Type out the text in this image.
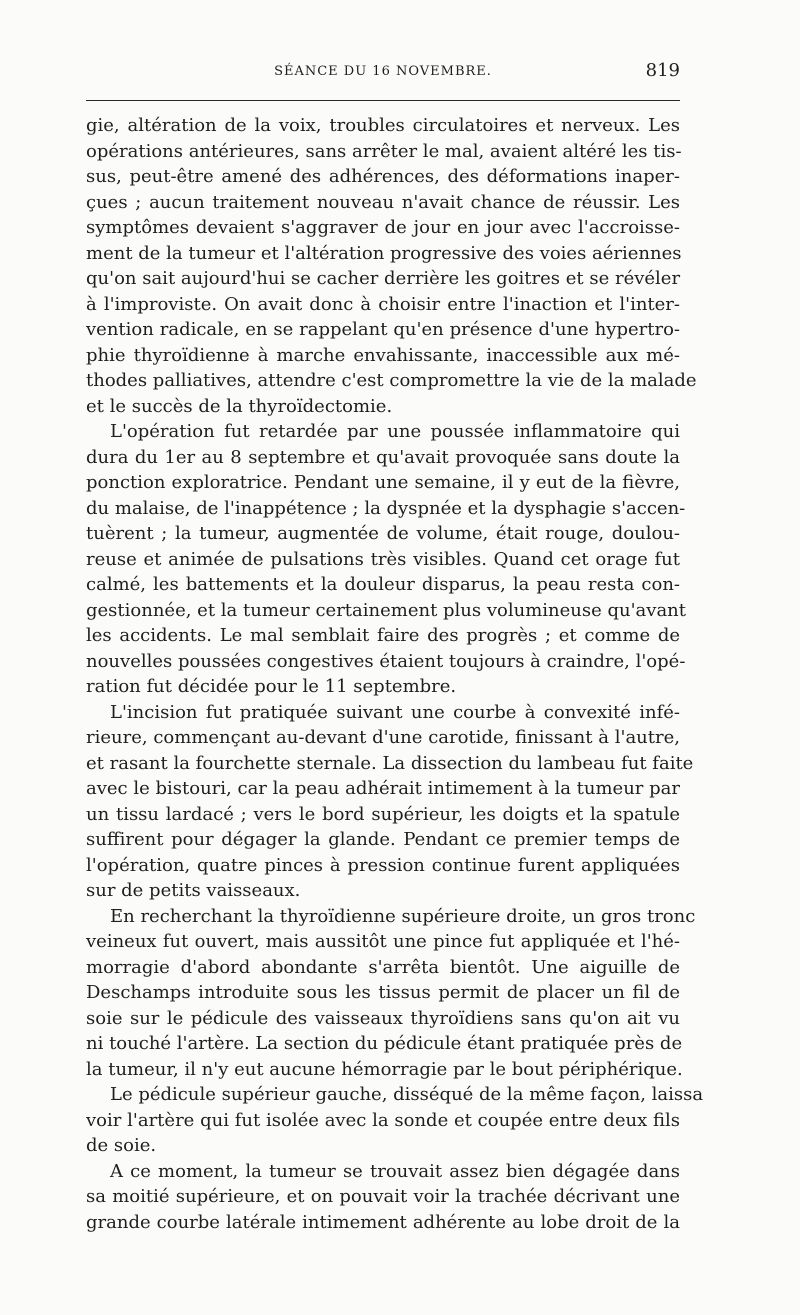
SÉANCE DU 16 NOVEMBRE.	819
gie, altération de la voix, troubles circulatoires et nerveux. Les
opérations antérieures, sans arrêter le mal, avaient altéré les tis-
sus, peut-être amené des adhérences, des déformations inaper-
çues ; aucun traitement nouveau n'avait chance de réussir. Les
symptômes devaient s'aggraver de jour en jour avec l'accroisse-
ment de la tumeur et l'altération progressive des voies aériennes
qu'on sait aujourd'hui se cacher derrière les goitres et se révéler
à l'improviste. On avait donc à choisir entre l'inaction et l'inter-
vention radicale, en se rappelant qu'en présence d'une hypertro-
phie thyroïdienne à marche envahissante, inaccessible aux mé-
thodes palliatives, attendre c'est compromettre la vie de la malade
et le succès de la thyroïdectomie.
L'opération fut retardée par une poussée inflammatoire qui
dura du 1er au 8 septembre et qu'avait provoquée sans doute la
ponction exploratrice. Pendant une semaine, il y eut de la fièvre,
du malaise, de l'inappétence ; la dyspnée et la dysphagie s'accen-
tuèrent ; la tumeur, augmentée de volume, était rouge, doulou-
reuse et animée de pulsations très visibles. Quand cet orage fut
calmé, les battements et la douleur disparus, la peau resta con-
gestionnée, et la tumeur certainement plus volumineuse qu'avant
les accidents. Le mal semblait faire des progrès ; et comme de
nouvelles poussées congestives étaient toujours à craindre, l'opé-
ration fut décidée pour le 11 septembre.
L'incision fut pratiquée suivant une courbe à convexité infé-
rieure, commençant au-devant d'une carotide, finissant à l'autre,
et rasant la fourchette sternale. La dissection du lambeau fut faite
avec le bistouri, car la peau adhérait intimement à la tumeur par
un tissu lardacé ; vers le bord supérieur, les doigts et la spatule
suffirent pour dégager la glande. Pendant ce premier temps de
l'opération, quatre pinces à pression continue furent appliquées
sur de petits vaisseaux.
En recherchant la thyroïdienne supérieure droite, un gros tronc
veineux fut ouvert, mais aussitôt une pince fut appliquée et l'hé-
morragie d'abord abondante s'arrêta bientôt. Une aiguille de
Deschamps introduite sous les tissus permit de placer un fil de
soie sur le pédicule des vaisseaux thyroïdiens sans qu'on ait vu
ni touché l'artère. La section du pédicule étant pratiquée près de
la tumeur, il n'y eut aucune hémorragie par le bout périphérique.
Le pédicule supérieur gauche, disséqué de la même façon, laissa
voir l'artère qui fut isolée avec la sonde et coupée entre deux fils
de soie.
A ce moment, la tumeur se trouvait assez bien dégagée dans
sa moitié supérieure, et on pouvait voir la trachée décrivant une
grande courbe latérale intimement adhérente au lobe droit de la
